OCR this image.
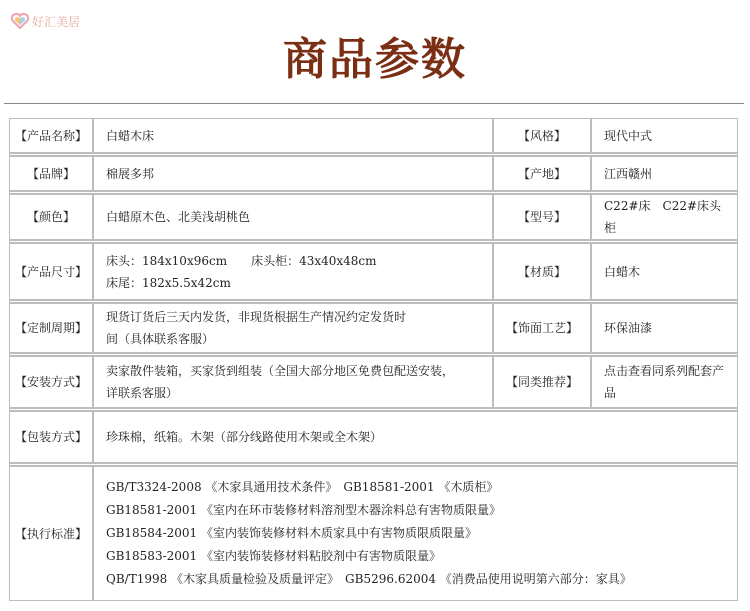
好汇美居
商品参数
【产品名称】	白蜡木床	【风格】	现代中式

【品牌】	棉展多邦	【产地】	江西赣州

【颜色】	白蜡原木色、北美浅胡桃色	【型号】	C22#床　C22#床头柜

【产品尺寸】	床头：184x10x96cm　　床头柜：43x40x48cm
床尾：182x5.5x42cm	【材质】	白蜡木

【定制周期】	现货订货后三天内发货，非现货根据生产情况约定发货时
间（具体联系客服）	【饰面工艺】	环保油漆

【安装方式】	卖家散件装箱，买家货到组装（全国大部分地区免费包配送安装，
详联系客服）	【同类推荐】	点击查看同系列配套产品

【包装方式】	珍珠棉，纸箱。木架（部分线路使用木架或全木架）		

【执行标准】	GB/T3324-2008 《木家具通用技术条件》　GB18581-2001 《木质柜》
GB18581-2001 《室内在环市装修材料溶剂型木器涂料总有害物质限量》
GB18584-2001 《室内装饰装修材料木质家具中有害物质限质限量》
GB18583-2001 《室内装饰装修材料粘胶剂中有害物质限量》
QB/T1998 《木家具质量检验及质量评定》　GB5296.62004 《消费品使用说明第六部分：家具》		
